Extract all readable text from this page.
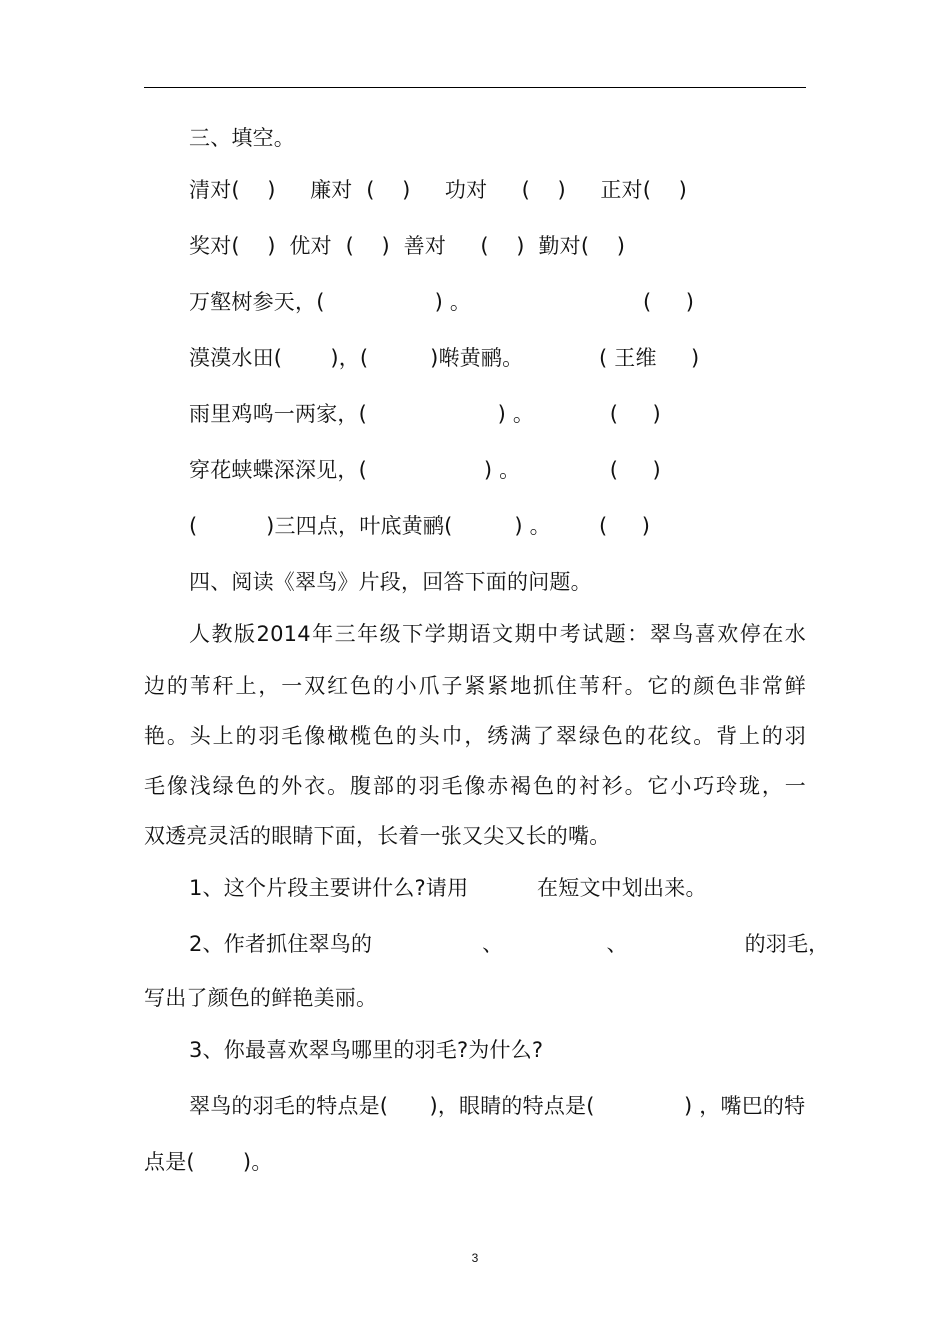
三、填空。
清对(    )     廉对  (    )     功对     (    )     正对(    )
奖对(    )  优对  (    )  善对     (    )  勤对(    )
万壑树参天，(                ) 。                         (     )
漠漠水田(       )，(         )啭黄鹂。           ( 王维     )
雨里鸡鸣一两家，(                   ) 。           (     )
穿花蛱蝶深深见，(                 ) 。             (     )
(          )三四点，叶底黄鹂(         ) 。       (     )
四、阅读《翠鸟》片段，回答下面的问题。
人教版2014年三年级下学期语文期中考试题：翠鸟喜欢停在水
边的苇秆上，一双红色的小爪子紧紧地抓住苇秆。它的颜色非常鲜
艳。头上的羽毛像橄榄色的头巾，绣满了翠绿色的花纹。背上的羽
毛像浅绿色的外衣。腹部的羽毛像赤褐色的衬衫。它小巧玲珑，一
双透亮灵活的眼睛下面，长着一张又尖又长的嘴。
1、这个片段主要讲什么?请用          在短文中划出来。
2、作者抓住翠鸟的                、               、                 的羽毛，
写出了颜色的鲜艳美丽。
3、你最喜欢翠鸟哪里的羽毛?为什么?
翠鸟的羽毛的特点是(      )，眼睛的特点是(             ) ，嘴巴的特
点是(       )。
3
